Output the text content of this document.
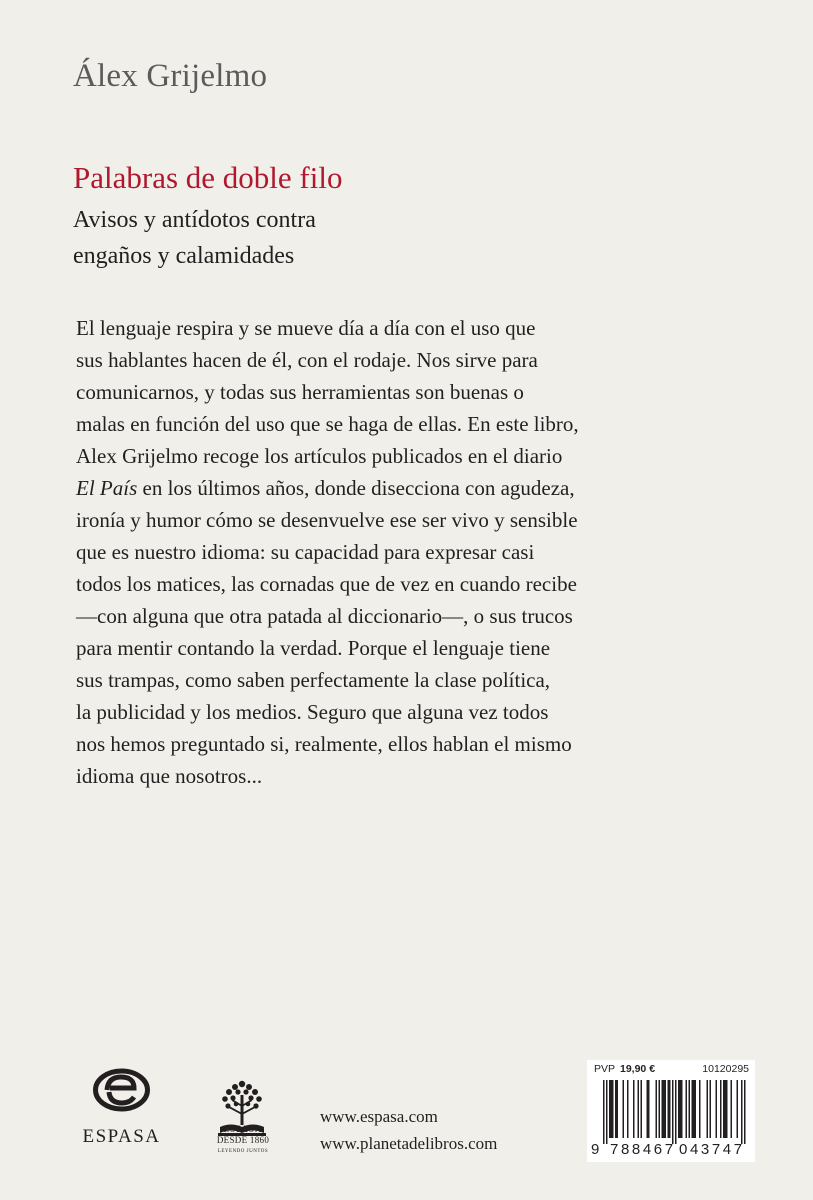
Álex Grijelmo
Palabras de doble filo
Avisos y antídotos contra
engaños y calamidades

El lenguaje respira y se mueve día a día con el uso que

sus hablantes hacen de él, con el rodaje. Nos sirve para

comunicarnos, y todas sus herramientas son buenas o

malas en función del uso que se haga de ellas. En este libro,

Alex Grijelmo recoge los artículos publicados en el diario

El País en los últimos años, donde disecciona con agudeza,

ironía y humor cómo se desenvuelve ese ser vivo y sensible

que es nuestro idioma: su capacidad para expresar casi

todos los matices, las cornadas que de vez en cuando recibe

—con alguna que otra patada al diccionario—, o sus trucos

para mentir contando la verdad. Porque el lenguaje tiene

sus trampas, como saben perfectamente la clase política,

la publicidad y los medios. Seguro que alguna vez todos

nos hemos preguntado si, realmente, ellos hablan el mismo

idioma que nosotros...

ESPASA	ESPASA
DESDE 1860
LEYENDO JUNTOS
www.espasa.com
www.planetadelibros.com
PVP 19,90 €	10120295
9 788467 043747
